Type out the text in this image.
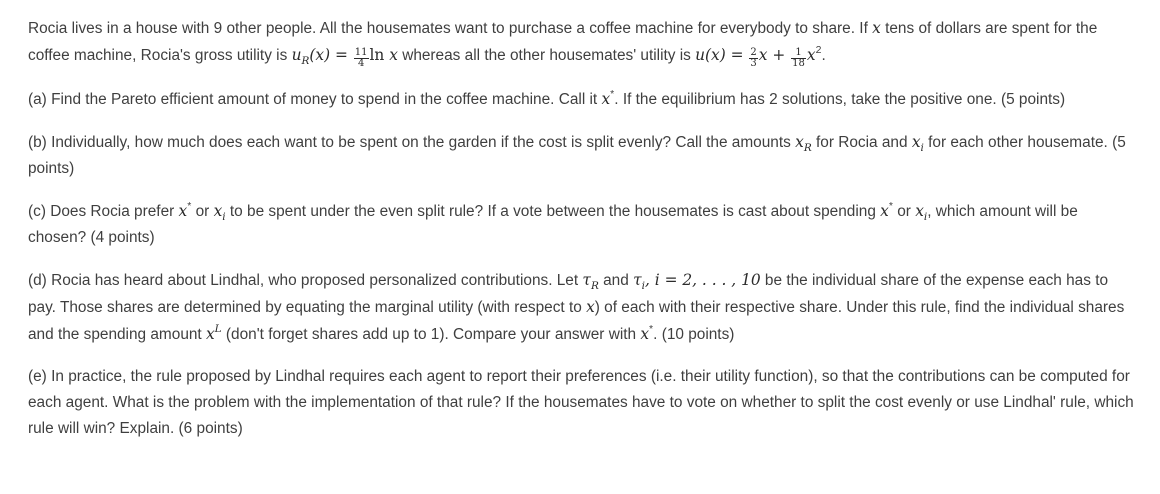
Rocia lives in a house with 9 other people. All the housemates want to purchase a coffee machine for everybody to share. If x tens of dollars are spent for the coffee machine, Rocia's gross utility is $u_R(x) = \frac{11}{4}$ ln x whereas all the other housemates' utility is $u(x) = \frac{2}{3}$ $x + \frac{1}{18} x^2$.

(a) Find the Pareto efficient amount of money to spend in the coffee machine. Call it x*. If the equilibrium has 2 solutions, take the positive one. (5 points)

(b) Individually, how much does each want to be spent on the garden if the cost is split evenly? Call the amounts $x_R$ for Rocia and $x_i$ for each other housemate. (5 points)

(c) Does Rocia prefer x* or $x_i$ to be spent under the even split rule? If a vote between the housemates is cast about spending x* or $x_i$, which amount will be chosen? (4 points)

(d) Rocia has heard about Lindhal, who proposed personalized contributions. Let $\tau_R$ and $\tau_i$, i = 2, . . . , 10 be the individual share of the expense each has to pay. Those shares are determined by equating the marginal utility (with respect to x) of each with their respective share. Under this rule, find the individual shares and the spending amount $x^L$ (don't forget shares add up to 1). Compare your answer with x*. (10 points)

(e) In practice, the rule proposed by Lindhal requires each agent to report their preferences (i.e. their utility function), so that the contributions can be computed for each agent. What is the problem with the implementation of that rule? If the housemates have to vote on whether to split the cost evenly or use Lindhal' rule, which rule will win? Explain. (6 points)
